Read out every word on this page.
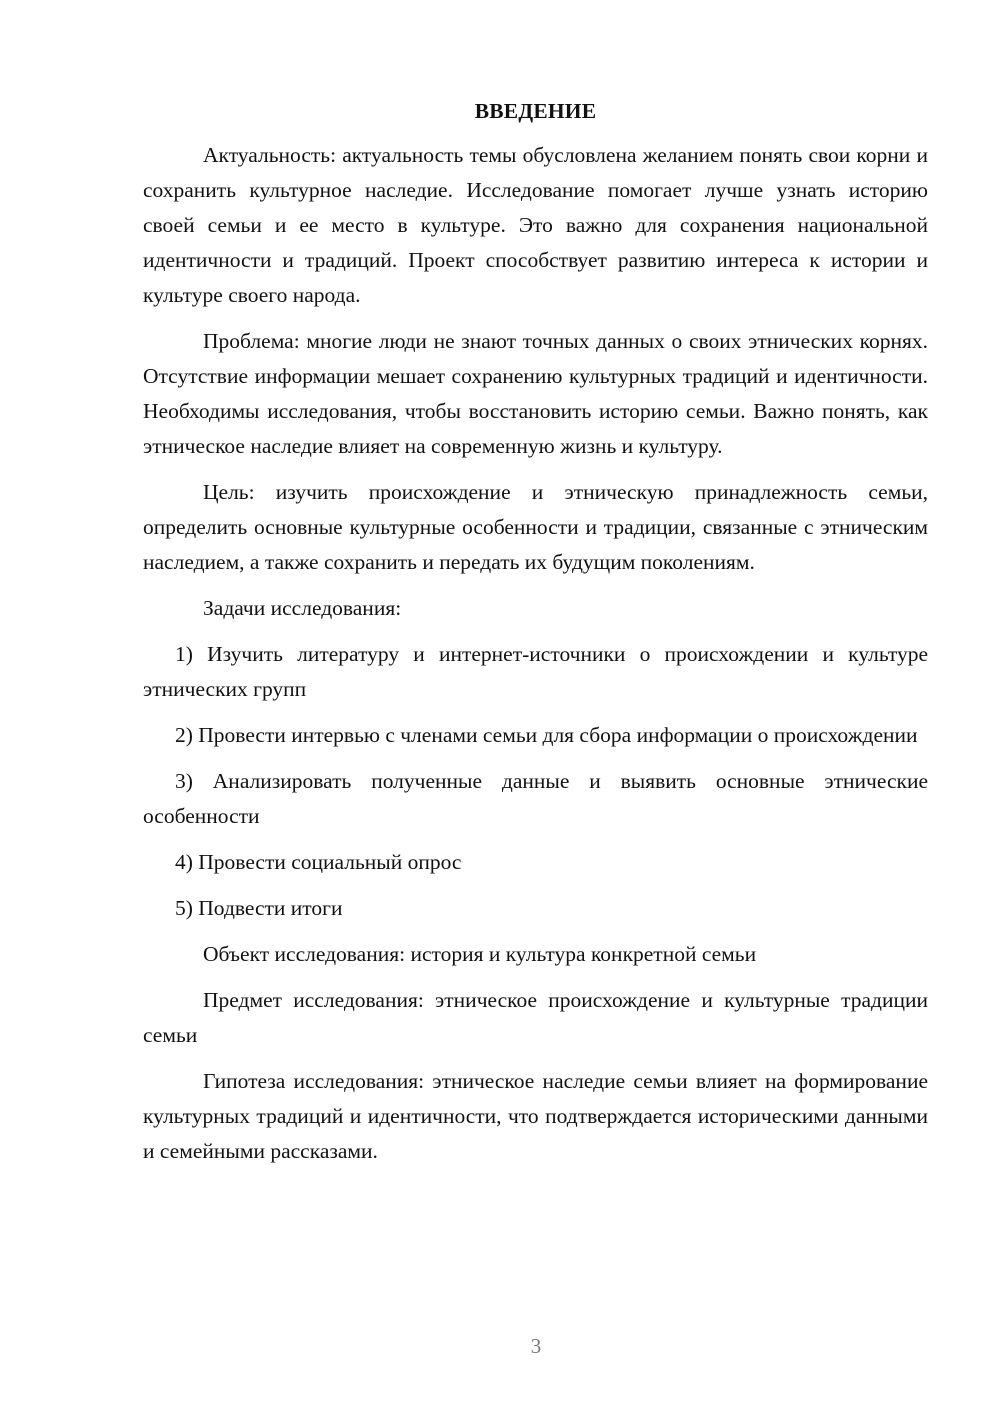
ВВЕДЕНИЕ

Актуальность: актуальность темы обусловлена желанием понять свои корни и сохранить культурное наследие. Исследование помогает лучше узнать историю своей семьи и ее место в культуре. Это важно для сохранения национальной идентичности и традиций. Проект способствует развитию интереса к истории и культуре своего народа.

Проблема: многие люди не знают точных данных о своих этнических корнях. Отсутствие информации мешает сохранению культурных традиций и идентичности. Необходимы исследования, чтобы восстановить историю семьи. Важно понять, как этническое наследие влияет на современную жизнь и культуру.

Цель: изучить происхождение и этническую принадлежность семьи, определить основные культурные особенности и традиции, связанные с этническим наследием, а также сохранить и передать их будущим поколениям.

Задачи исследования:

1) Изучить литературу и интернет-источники о происхождении и культуре этнических групп

2) Провести интервью с членами семьи для сбора информации о происхождении

3) Анализировать полученные данные и выявить основные этнические особенности

4) Провести социальный опрос

5) Подвести итоги

Объект исследования: история и культура конкретной семьи

Предмет исследования: этническое происхождение и культурные традиции семьи

Гипотеза исследования: этническое наследие семьи влияет на формирование культурных традиций и идентичности, что подтверждается историческими данными и семейными рассказами.

3
